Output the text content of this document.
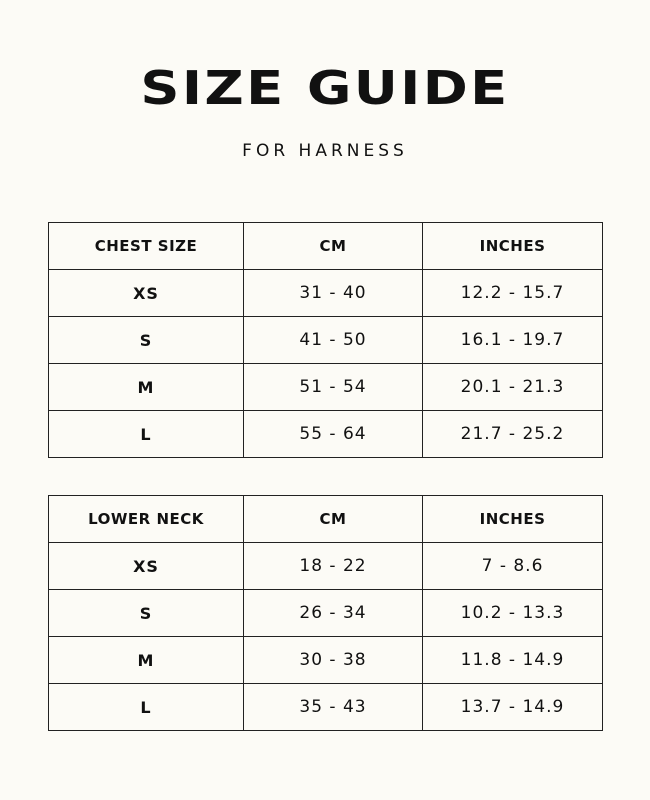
SIZE GUIDE
FOR HARNESS
CHEST SIZE	CM	INCHES
XS	31 - 40	12.2 - 15.7
S	41 - 50	16.1 - 19.7
M	51 - 54	20.1 - 21.3
L	55 - 64	21.7 - 25.2
LOWER NECK	CM	INCHES
XS	18 - 22	7 - 8.6
S	26 - 34	10.2 - 13.3
M	30 - 38	11.8 - 14.9
L	35 - 43	13.7 - 14.9
